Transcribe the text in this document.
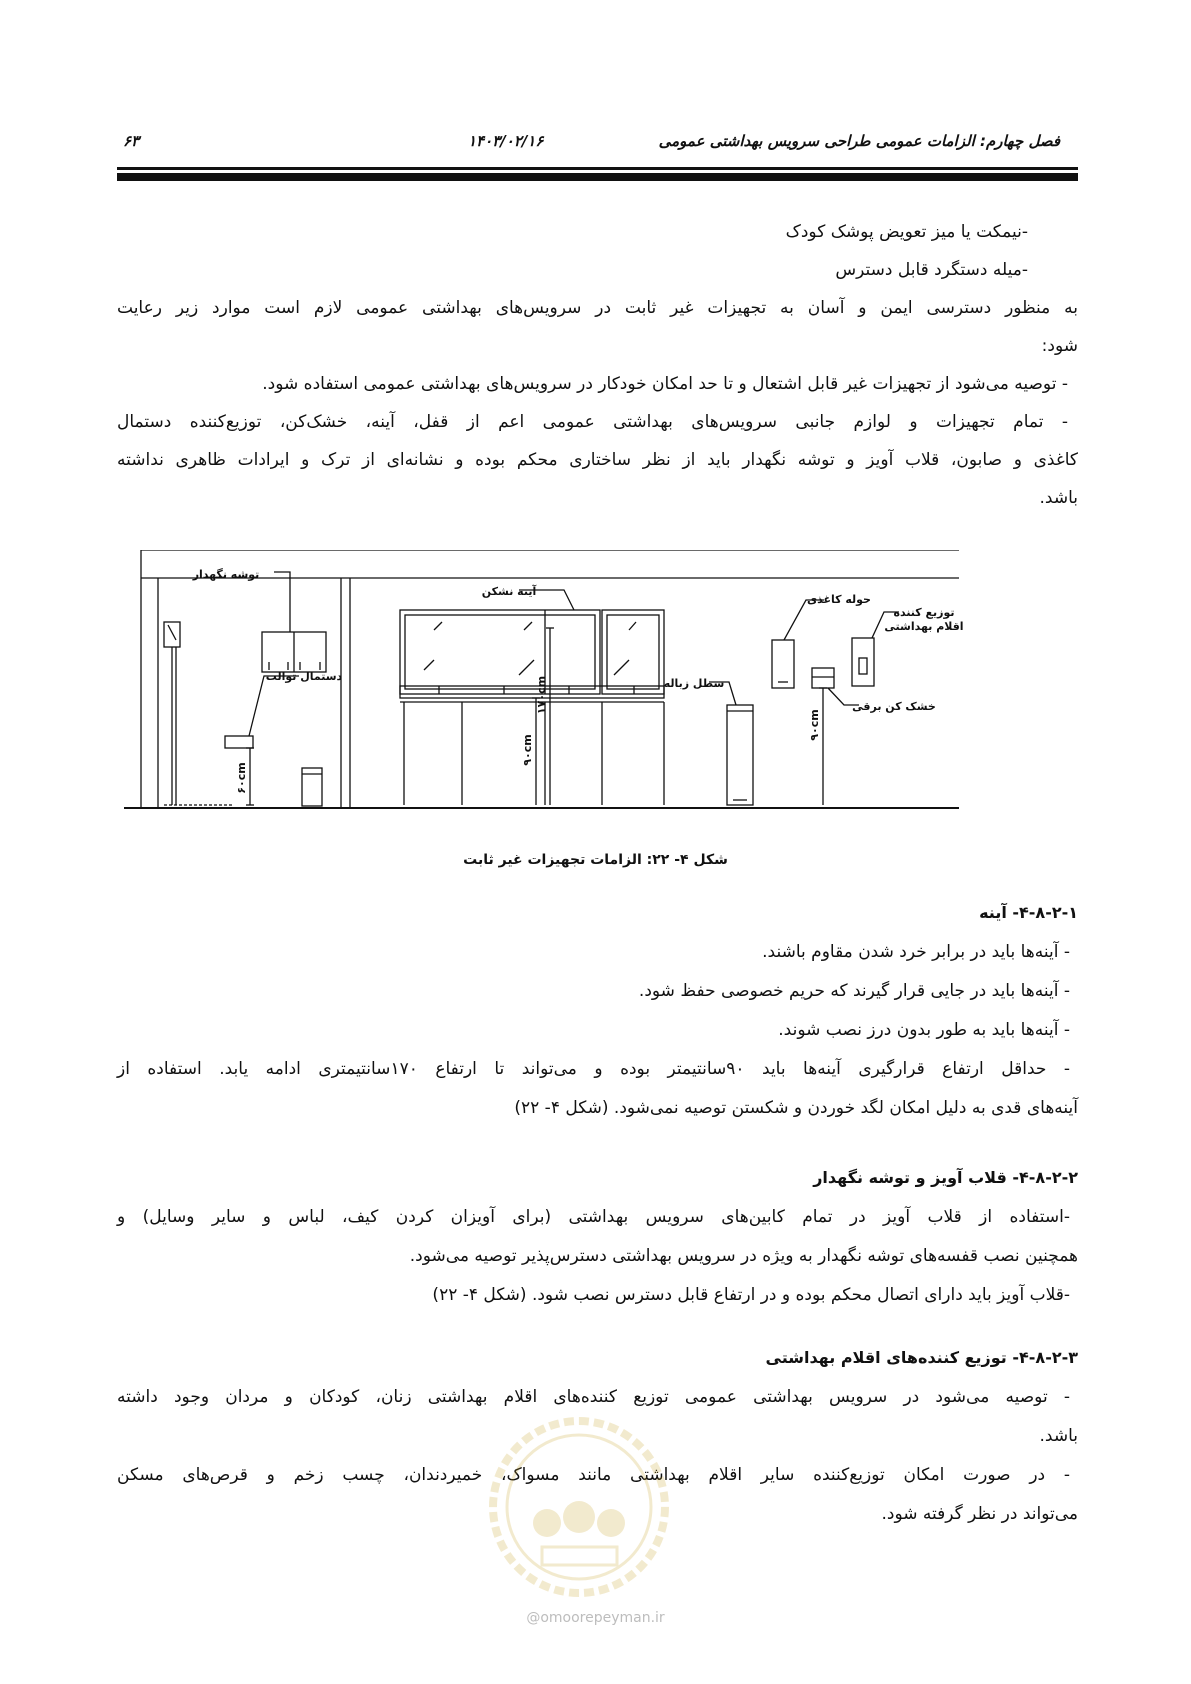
فصل چهارم: الزامات عمومی طراحی سرویس بهداشتی عمومی
۱۴۰۳/۰۲/۱۶
۶۳

-نیمکت یا میز تعویض پوشک کودک

-میله دستگرد قابل دسترس

به منظور دسترسی ایمن و آسان به تجهیزات غیر ثابت در سرویس‌های بهداشتی عمومی لازم است موارد زیر رعایت

شود:

- توصیه می‌شود از تجهیزات غیر قابل اشتعال و تا حد امکان خودکار در سرویس‌های بهداشتی عمومی استفاده شود.

- تمام تجهیزات و لوازم جانبی سرویس‌های بهداشتی عمومی اعم از قفل، آینه، خشک‌کن، توزیع‌کننده دستمال

کاغذی و صابون، قلاب آویز و توشه نگهدار باید از نظر ساختاری محکم بوده و نشانه‌ای از ترک و ایرادات ظاهری نداشته

باشد.

توشه نگهدار
دستمال توالت
آینه نشکن
سطل زباله
حوله کاغذی
توزیع کننده
اقلام بهداشتی
خشک کن برقی
۶۰cm
۹۰cm
۱۷۰cm
۹۰cm
شکل ۴- ۲۲: الزامات تجهیزات غیر ثابت
۴-۸-۲-۱- آینه

- آینه‌ها باید در برابر خرد شدن مقاوم باشند.

- آینه‌ها باید در جایی قرار گیرند که حریم خصوصی حفظ شود.

- آینه‌ها باید به طور بدون درز نصب شوند.

- حداقل ارتفاع قرارگیری آینه‌ها باید ۹۰سانتیمتر بوده و می‌تواند تا ارتفاع ۱۷۰سانتیمتری ادامه یابد. استفاده از

آینه‌های قدی به دلیل امکان لگد خوردن و شکستن توصیه نمی‌شود. (شکل ۴- ۲۲)

۴-۸-۲-۲- قلاب آویز و توشه نگهدار

-استفاده از قلاب آویز در تمام کابین‌های سرویس بهداشتی (برای آویزان کردن کیف، لباس و سایر وسایل) و

همچنین نصب قفسه‌های توشه نگهدار به ویژه در سرویس بهداشتی دسترس‌پذیر توصیه می‌شود.

-قلاب آویز باید دارای اتصال محکم بوده و در ارتفاع قابل دسترس نصب شود. (شکل ۴- ۲۲)

۴-۸-۲-۳- توزیع کننده‌های اقلام بهداشتی

- توصیه می‌شود در سرویس بهداشتی عمومی توزیع کننده‌های اقلام بهداشتی زنان، کودکان و مردان وجود داشته

باشد.

- در صورت امکان توزیع‌کننده سایر اقلام بهداشتی مانند مسواک، خمیردندان، چسب زخم و قرص‌های مسکن

می‌تواند در نظر گرفته شود.

@omoorepeyman.ir
